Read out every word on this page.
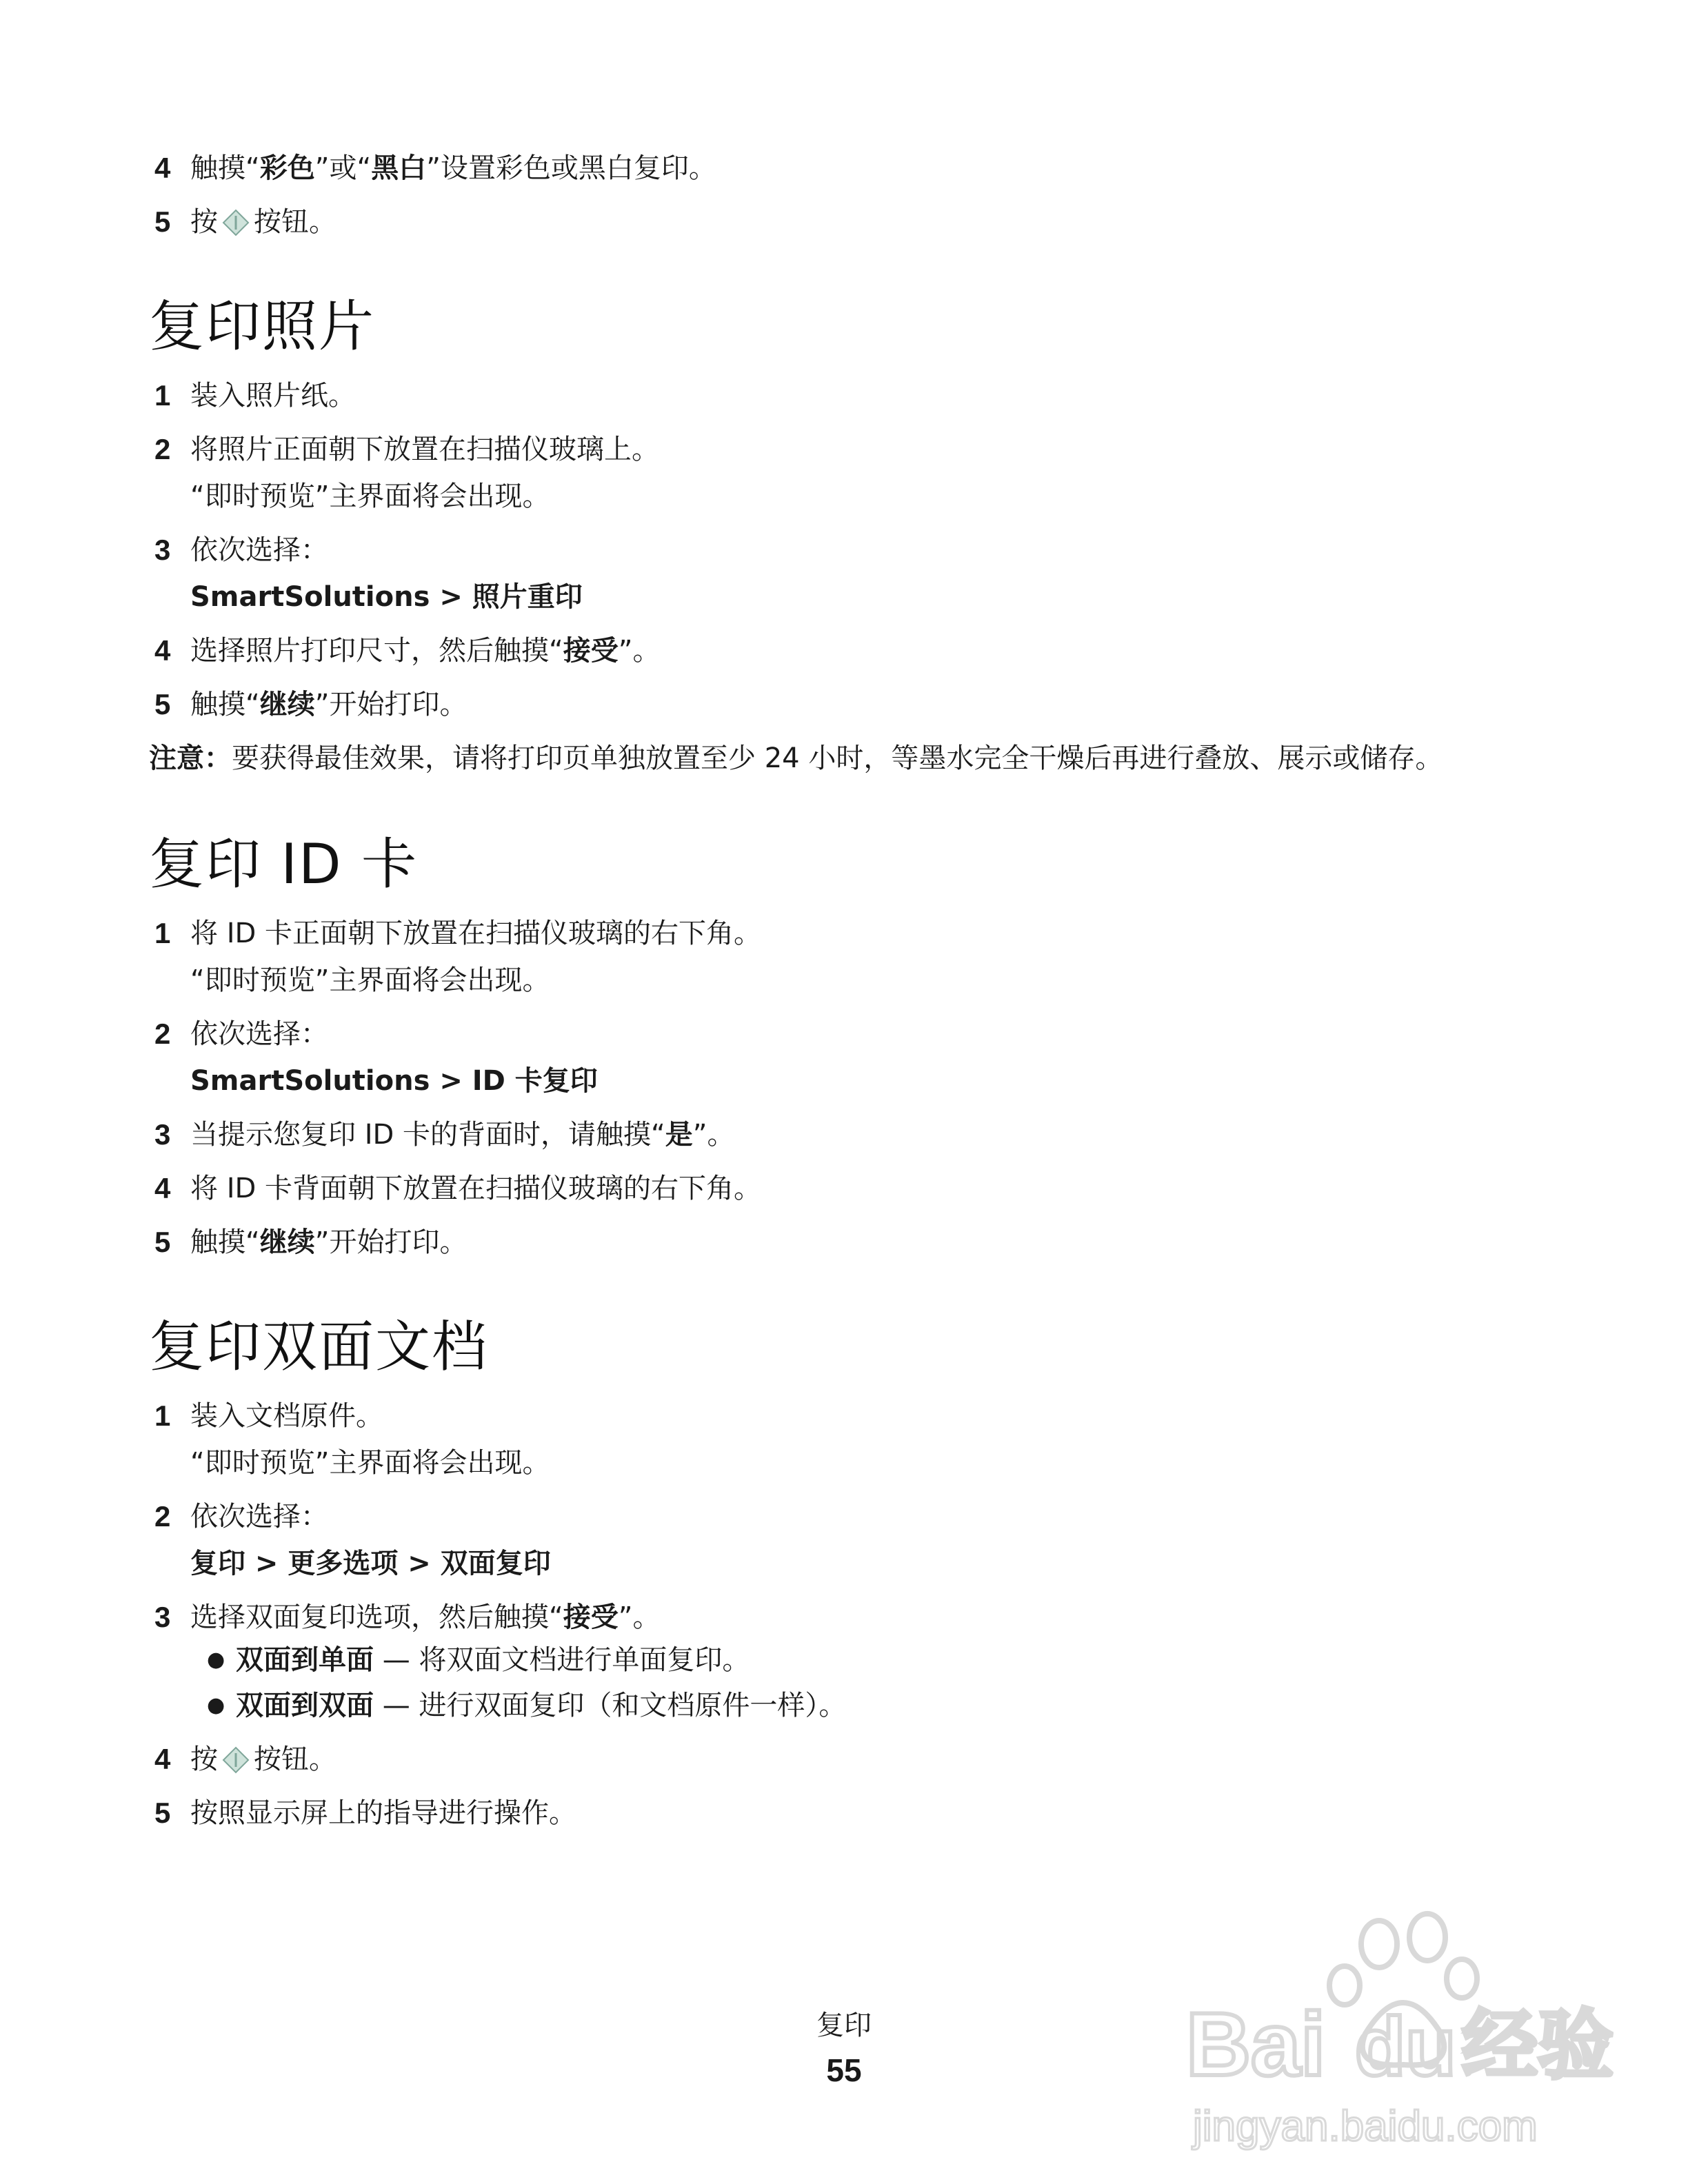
4 触摸“彩色”或“黑白”设置彩色或黑白复印。
5 按 按钮。
复印照片
1 装入照片纸。
2 将照片正面朝下放置在扫描仪玻璃上。
“即时预览”主界面将会出现。
3 依次选择：
SmartSolutions > 照片重印
4 选择照片打印尺寸，然后触摸“接受”。
5 触摸“继续”开始打印。
注意：要获得最佳效果，请将打印页单独放置至少 24 小时，等墨水完全干燥后再进行叠放、展示或储存。
复印 ID 卡
1 将 ID 卡正面朝下放置在扫描仪玻璃的右下角。
“即时预览”主界面将会出现。
2 依次选择：
SmartSolutions > ID 卡复印
3 当提示您复印 ID 卡的背面时，请触摸“是”。
4 将 ID 卡背面朝下放置在扫描仪玻璃的右下角。
5 触摸“继续”开始打印。
复印双面文档
1 装入文档原件。
“即时预览”主界面将会出现。
2 依次选择：
复印 > 更多选项 > 双面复印
3 选择双面复印选项，然后触摸“接受”。
● 双面到单面 — 将双面文档进行单面复印。
● 双面到双面 — 进行双面复印（和文档原件一样）。
4 按 按钮。
5 按照显示屏上的指导进行操作。
复印
55	Bai du 经验
jingyan.baidu.com
